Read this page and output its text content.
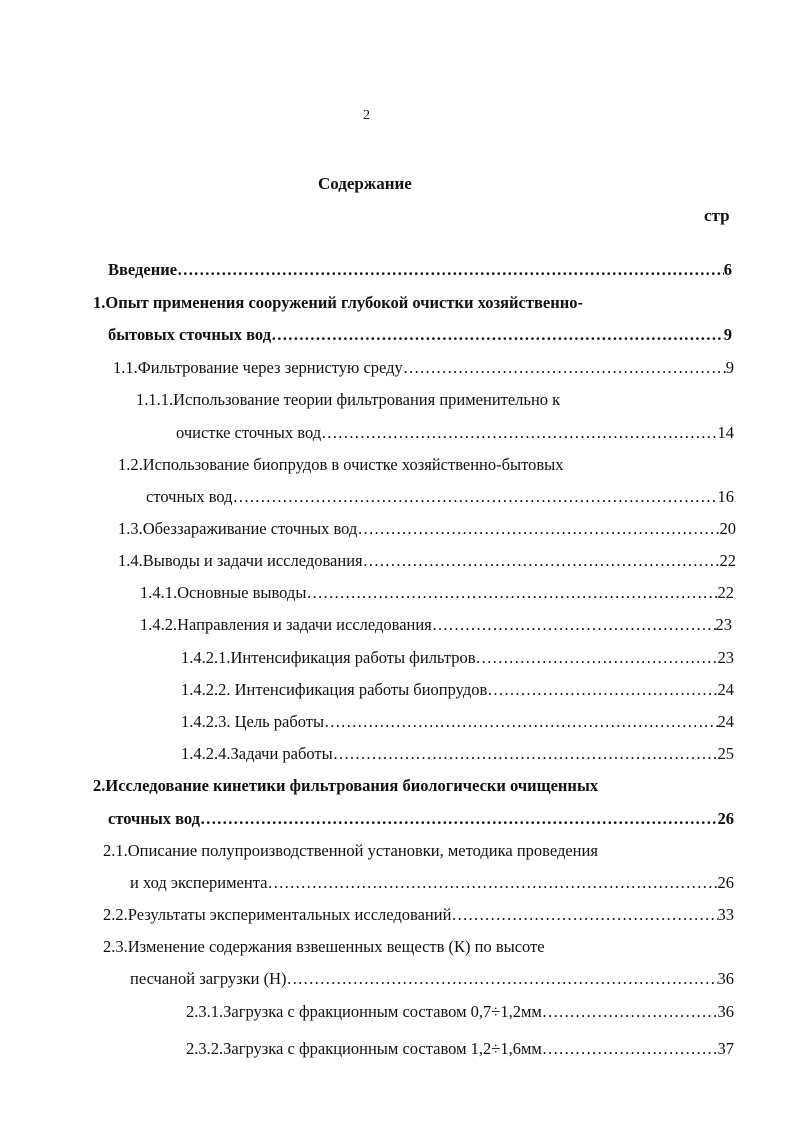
2
Содержание
стр
Введение ……………………………………………………………………………………………………………………………………………………………………………………………	6
1.Опыт применения сооружений глубокой очистки хозяйственно-
бытовых сточных вод ……………………………………………………………………………………………………………………………………………………………………………………………	9
1.1.Фильтрование через зернистую среду ……………………………………………………………………………………………………………………………………………………………………………………………	9
1.1.1.Использование теории фильтрования применительно к
очистке сточных вод ……………………………………………………………………………………………………………………………………………………………………………………………	14
1.2.Использование биопрудов в очистке хозяйственно-бытовых
сточных вод ……………………………………………………………………………………………………………………………………………………………………………………………	16
1.3.Обеззараживание сточных вод ……………………………………………………………………………………………………………………………………………………………………………………………	20
1.4.Выводы и задачи исследования ……………………………………………………………………………………………………………………………………………………………………………………………	22
1.4.1.Основные выводы ……………………………………………………………………………………………………………………………………………………………………………………………	22
1.4.2.Направления и задачи исследования ……………………………………………………………………………………………………………………………………………………………………………………………	23
1.4.2.1.Интенсификация работы фильтров ……………………………………………………………………………………………………………………………………………………………………………………………	23
1.4.2.2. Интенсификация работы биопрудов ……………………………………………………………………………………………………………………………………………………………………………………………	24
1.4.2.3. Цель работы ……………………………………………………………………………………………………………………………………………………………………………………………	24
1.4.2.4.Задачи работы ……………………………………………………………………………………………………………………………………………………………………………………………	25
2.Исследование кинетики фильтрования биологически очищенных
сточных вод ……………………………………………………………………………………………………………………………………………………………………………………………	26
2.1.Описание полупроизводственной установки, методика проведения
и ход эксперимента ……………………………………………………………………………………………………………………………………………………………………………………………	26
2.2.Результаты экспериментальных исследований ……………………………………………………………………………………………………………………………………………………………………………………………	33
2.3.Изменение содержания взвешенных веществ (К) по высоте
песчаной загрузки (Н) ……………………………………………………………………………………………………………………………………………………………………………………………	36
2.3.1.Загрузка с фракционным составом 0,7÷1,2мм ……………………………………………………………………………………………………………………………………………………………………………………………	36
2.3.2.Загрузка с фракционным составом 1,2÷1,6мм ……………………………………………………………………………………………………………………………………………………………………………………………	37
